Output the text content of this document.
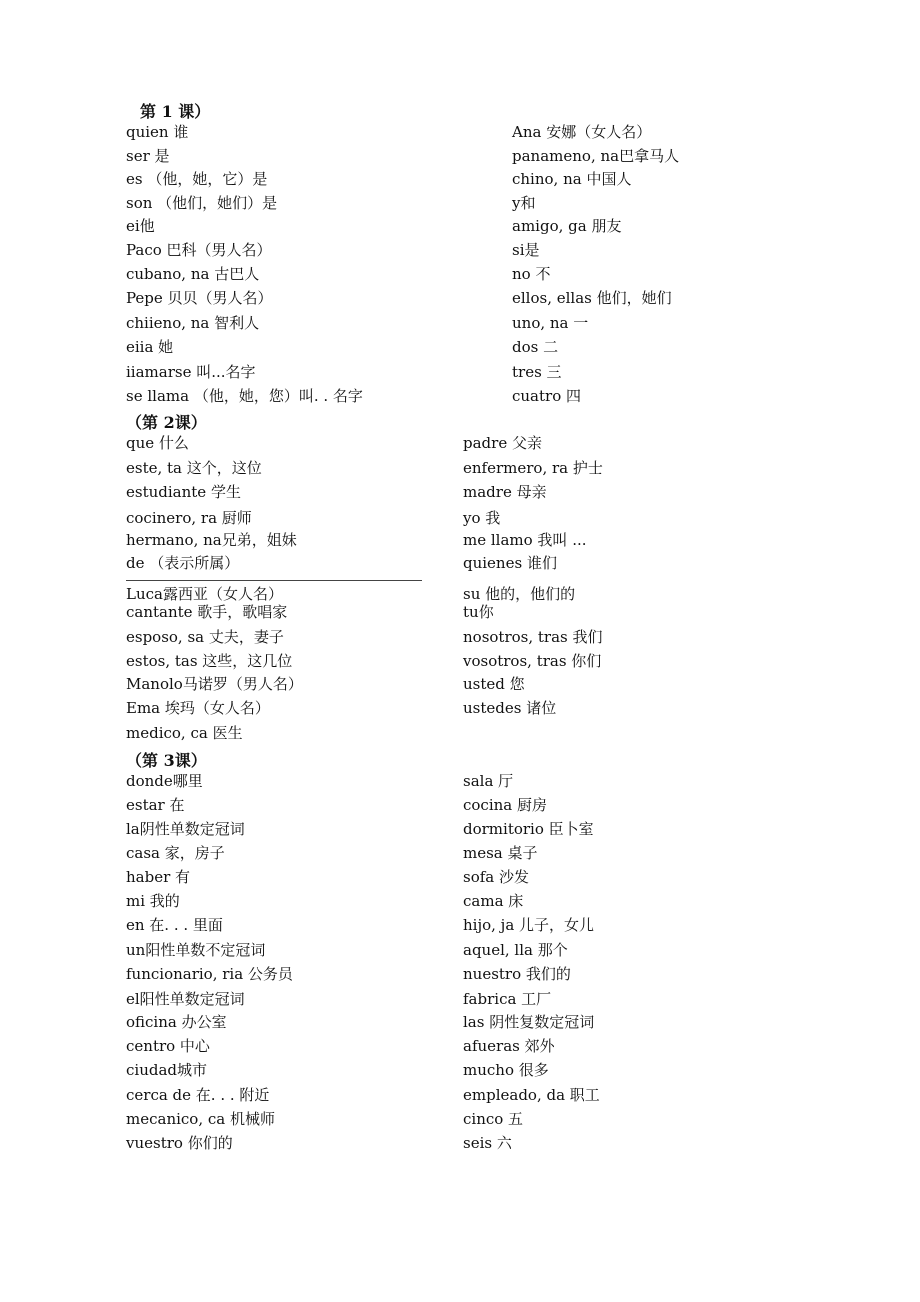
第 1 课）
quien 谁
ser 是
es （他，她，它）是
son （他们，她们）是
ei他
Paco 巴科（男人名）
cubano, na 古巴人
Pepe 贝贝（男人名）
chiieno, na 智利人
eiia 她
iiamarse 叫...名字
se llama （他，她，您）叫. . 名字
Ana 安娜（女人名）
panameno, na巴拿马人
chino, na 中国人
y和
amigo, ga 朋友
si是
no 不
ellos, ellas 他们，她们
uno, na 一
dos 二
tres 三
cuatro 四
（第 2课）
que 什么
este, ta 这个，这位
estudiante 学生
cocinero, ra 厨师
hermano, na兄弟，姐妹
de （表示所属）
Luca露西亚（女人名）
cantante 歌手，歌唱家
esposo, sa 丈夫，妻子
estos, tas 这些，这几位
Manolo马诺罗（男人名）
Ema 埃玛（女人名）
medico, ca 医生
padre 父亲
enfermero, ra 护士
madre 母亲
yo 我
me llamo 我叫 ...
quienes 谁们
su 他的，他们的
tu你
nosotros, tras 我们
vosotros, tras 你们
usted 您
ustedes 诸位
（第 3课）
donde哪里
estar 在
la阴性单数定冠词
casa 家，房子
haber 有
mi 我的
en 在. . . 里面
un阳性单数不定冠词
funcionario, ria 公务员
el阳性单数定冠词
oficina 办公室
centro 中心
ciudad城市
cerca de 在. . . 附近
mecanico, ca 机械师
vuestro 你们的
sala 厅
cocina 厨房
dormitorio 臣卜室
mesa 桌子
sofa 沙发
cama 床
hijo, ja 儿子，女儿
aquel, lla 那个
nuestro 我们的
fabrica 工厂
las 阴性复数定冠词
afueras 郊外
mucho 很多
empleado, da 职工
cinco 五
seis 六
